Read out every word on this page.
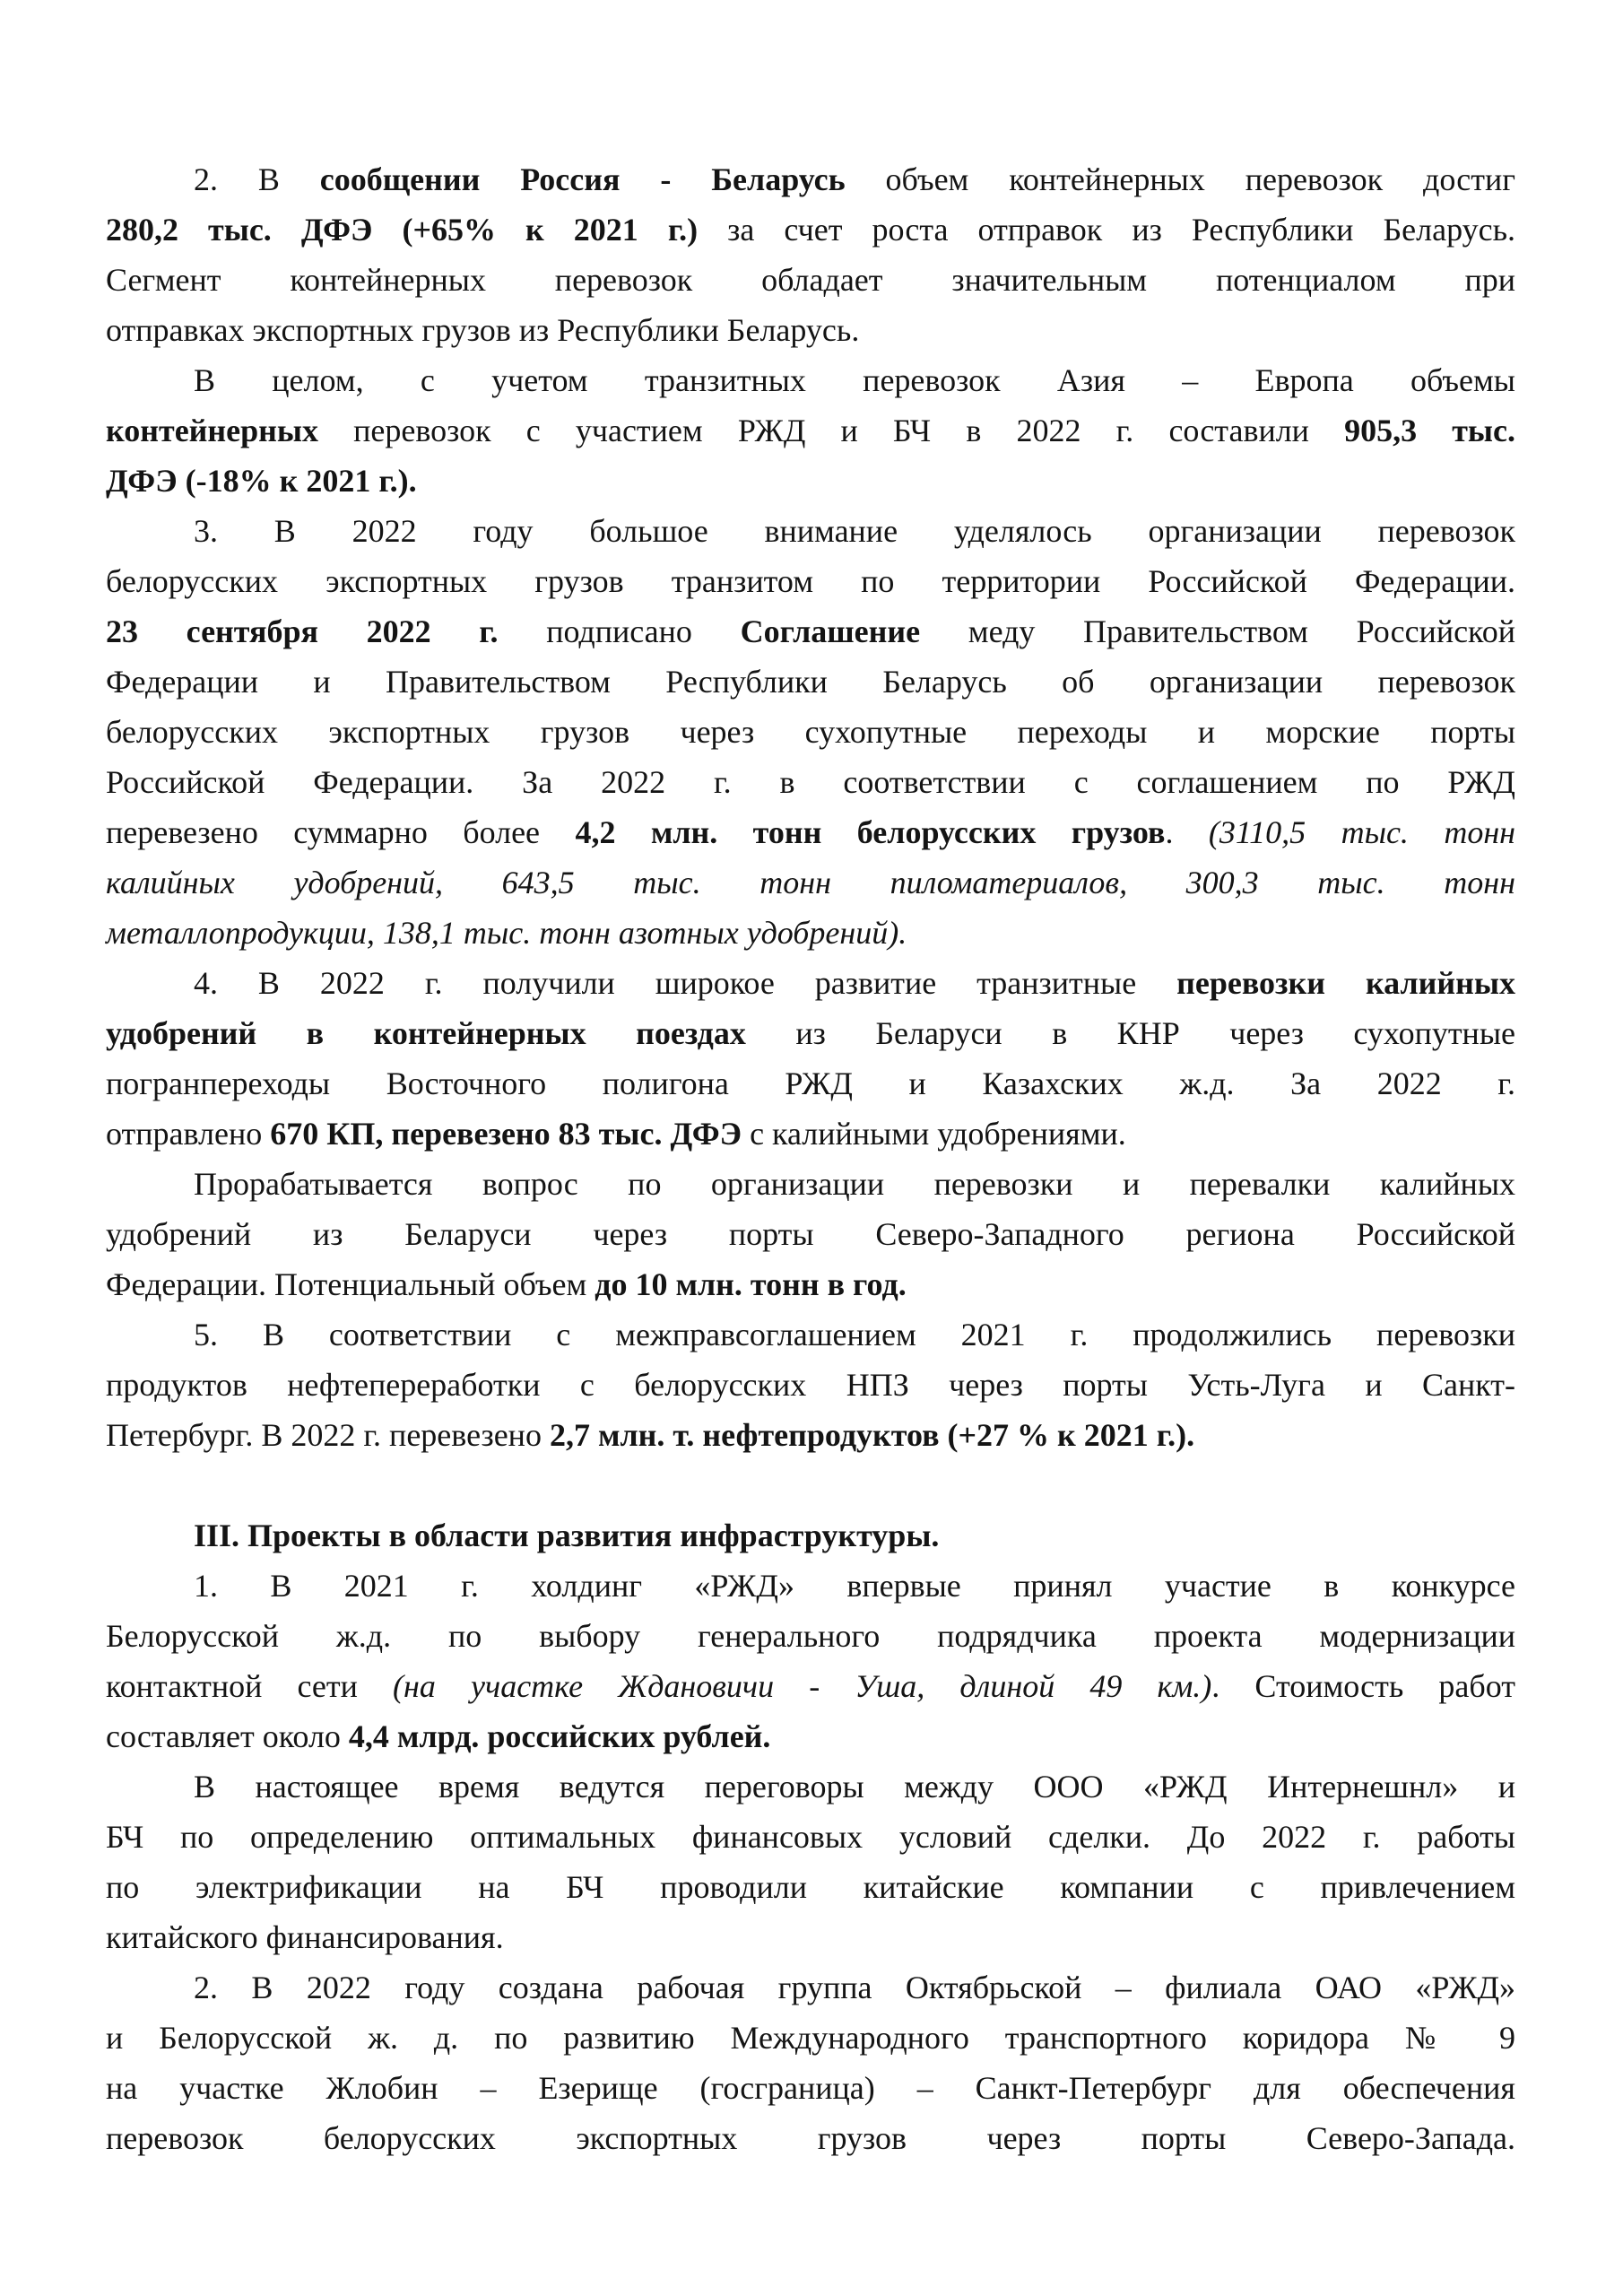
2. В сообщении Россия - Беларусь объем контейнерных перевозок достиг
280,2 тыс. ДФЭ (+65% к 2021 г.) за счет роста отправок из Республики Беларусь.
Сегмент контейнерных перевозок обладает значительным потенциалом при
отправках экспортных грузов из Республики Беларусь.
В целом, с учетом транзитных перевозок Азия – Европа объемы
контейнерных перевозок с участием РЖД и БЧ в 2022 г. составили 905,3 тыс.
ДФЭ (-18% к 2021 г.).
3. В 2022 году большое внимание уделялось организации перевозок
белорусских экспортных грузов транзитом по территории Российской Федерации.
23 сентября 2022 г. подписано Соглашение меду Правительством Российской
Федерации и Правительством Республики Беларусь об организации перевозок
белорусских экспортных грузов через сухопутные переходы и морские порты
Российской Федерации. За 2022 г. в соответствии с соглашением по РЖД
перевезено суммарно более 4,2 млн. тонн белорусских грузов. (3110,5 тыс. тонн
калийных удобрений, 643,5 тыс. тонн пиломатериалов, 300,3 тыс. тонн
металлопродукции, 138,1 тыс. тонн азотных удобрений).
4. В 2022 г. получили широкое развитие транзитные перевозки калийных
удобрений в контейнерных поездах из Беларуси в КНР через сухопутные
погранпереходы Восточного полигона РЖД и Казахских ж.д. За 2022 г.
отправлено 670 КП, перевезено 83 тыс. ДФЭ с калийными удобрениями.
Прорабатывается вопрос по организации перевозки и перевалки калийных
удобрений из Беларуси через порты Северо-Западного региона Российской
Федерации. Потенциальный объем до 10 млн. тонн в год.
5. В соответствии с межправсоглашением 2021 г. продолжились перевозки
продуктов нефтепереработки с белорусских НПЗ через порты Усть-Луга и Санкт-
Петербург. В 2022 г. перевезено 2,7 млн. т. нефтепродуктов (+27 % к 2021 г.).
III. Проекты в области развития инфраструктуры.
1. В 2021 г. холдинг «РЖД» впервые принял участие в конкурсе
Белорусской ж.д. по выбору генерального подрядчика проекта модернизации
контактной сети (на участке Ждановичи - Уша, длиной 49 км.). Стоимость работ
составляет около 4,4 млрд. российских рублей.
В настоящее время ведутся переговоры между ООО «РЖД Интернешнл» и
БЧ по определению оптимальных финансовых условий сделки. До 2022 г. работы
по электрификации на БЧ проводили китайские компании с привлечением
китайского финансирования.
2. В 2022 году создана рабочая группа Октябрьской – филиала ОАО «РЖД»
и Белорусской ж. д. по развитию Международного транспортного коридора № 9
на участке Жлобин – Езерище (госграница) – Санкт-Петербург для обеспечения
перевозок белорусских экспортных грузов через порты Северо-Запада.
